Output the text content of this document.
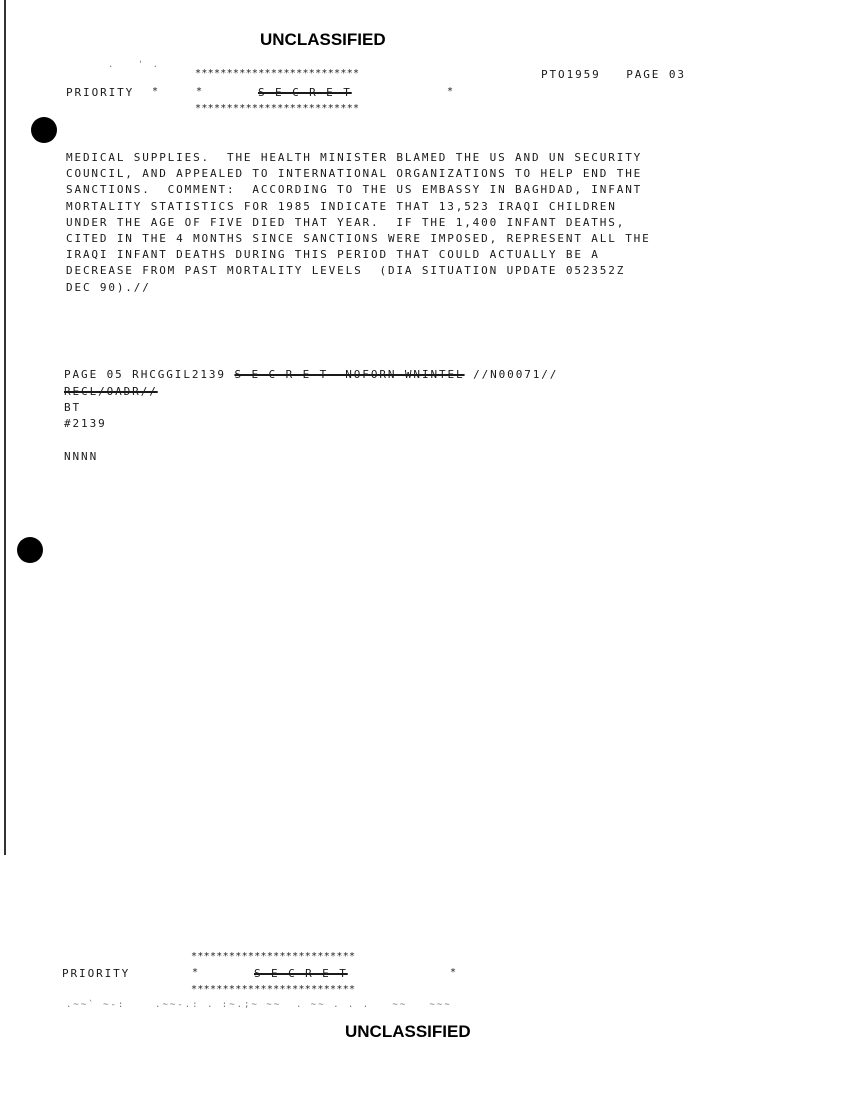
UNCLASSIFIED
.   ' .
**************************	PTO1959   PAGE 03
PRIORITY *	*	S E C R E T	*
**************************
MEDICAL SUPPLIES.  THE HEALTH MINISTER BLAMED THE US AND UN SECURITY
COUNCIL, AND APPEALED TO INTERNATIONAL ORGANIZATIONS TO HELP END THE
SANCTIONS.  COMMENT:  ACCORDING TO THE US EMBASSY IN BAGHDAD, INFANT
MORTALITY STATISTICS FOR 1985 INDICATE THAT 13,523 IRAQI CHILDREN
UNDER THE AGE OF FIVE DIED THAT YEAR.  IF THE 1,400 INFANT DEATHS,
CITED IN THE 4 MONTHS SINCE SANCTIONS WERE IMPOSED, REPRESENT ALL THE
IRAQI INFANT DEATHS DURING THIS PERIOD THAT COULD ACTUALLY BE A
DECREASE FROM PAST MORTALITY LEVELS  (DIA SITUATION UPDATE 052352Z
DEC 90).//
PAGE 05 RHCGGIL2139 S E C R E T  NOFORN WNINTEL //N00071//
RECL/OADR//
BT
#2139
NNNN
**************************
PRIORITY	*	S E C R E T	*
**************************
.~~` ~-:    .~~-.: . :~.;~ ~~  . ~~ . . .   ~~   ~~~
UNCLASSIFIED
